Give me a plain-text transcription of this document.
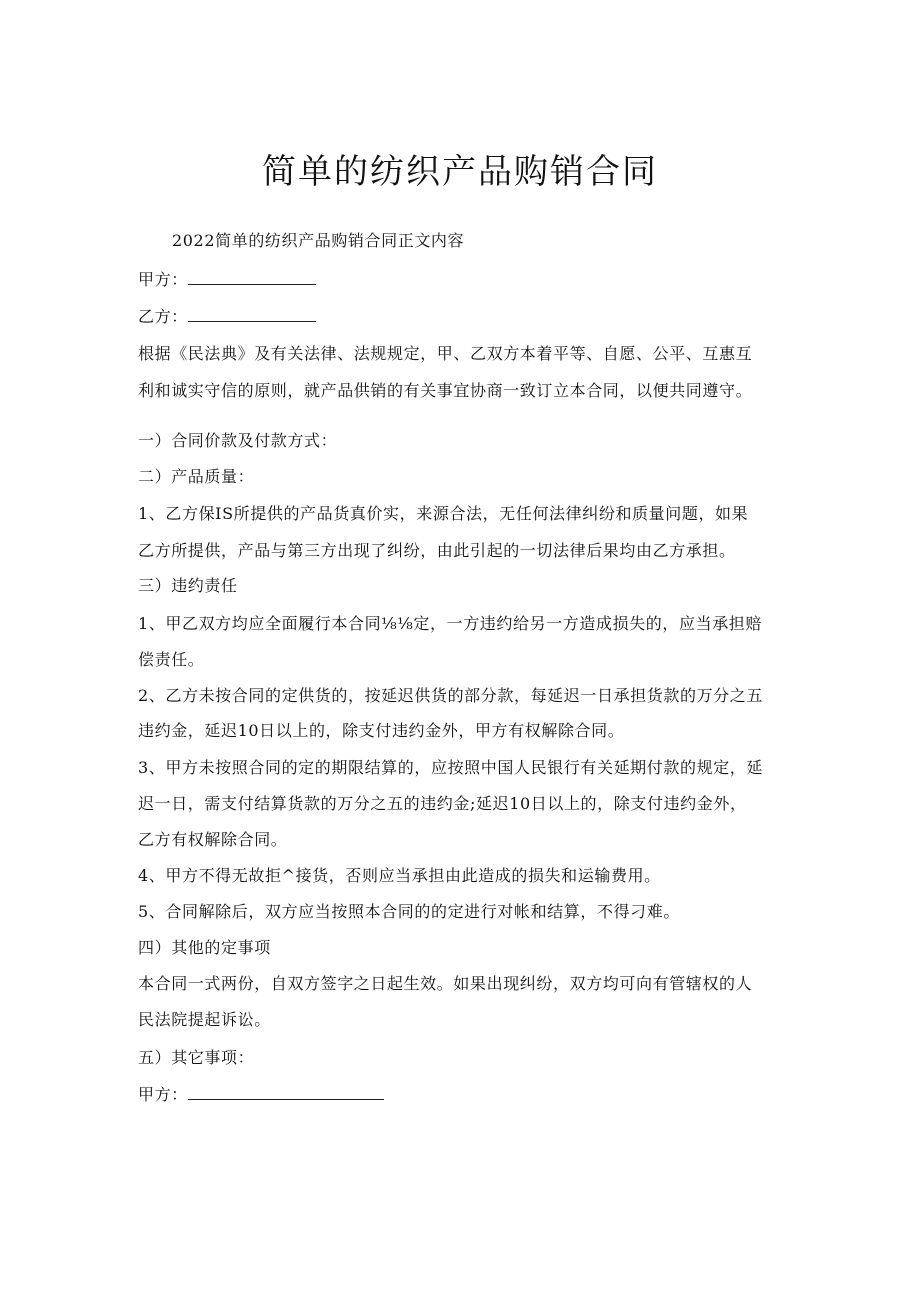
简单的纺织产品购销合同
2022简单的纺织产品购销合同正文内容
甲方：
乙方：
根据《民法典》及有关法律、法规规定，甲、乙双方本着平等、自愿、公平、互惠互
利和诚实守信的原则，就产品供销的有关事宜协商一致订立本合同，以便共同遵守。
一）合同价款及付款方式：
二）产品质量：
1、乙方保IS所提供的产品货真价实，来源合法，无任何法律纠纷和质量问题，如果
乙方所提供，产品与第三方出现了纠纷，由此引起的一切法律后果均由乙方承担。
三）违约责任
1、甲乙双方均应全面履行本合同⅛⅛定，一方违约给另一方造成损失的，应当承担赔
偿责任。
2、乙方未按合同的定供货的，按延迟供货的部分款，每延迟一日承担货款的万分之五
违约金，延迟10日以上的，除支付违约金外，甲方有权解除合同。
3、甲方未按照合同的定的期限结算的，应按照中国人民银行有关延期付款的规定，延
迟一日，需支付结算货款的万分之五的违约金;延迟10日以上的，除支付违约金外，
乙方有权解除合同。
4、甲方不得无故拒^接货，否则应当承担由此造成的损失和运输费用。
5、合同解除后，双方应当按照本合同的的定进行对帐和结算，不得刁难。
四）其他的定事项
本合同一式两份，自双方签字之日起生效。如果出现纠纷，双方均可向有管辖权的人
民法院提起诉讼。
五）其它事项：
甲方：
